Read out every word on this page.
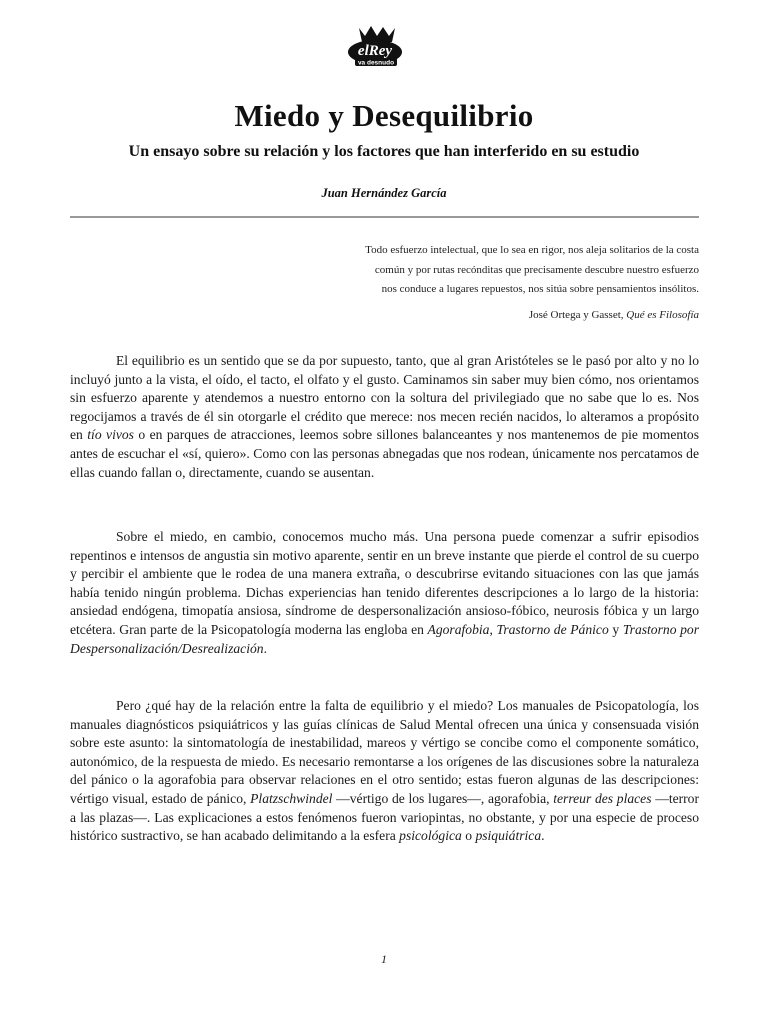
elRey
va desnudo
Miedo y Desequilibrio
Un ensayo sobre su relación y los factores que han interferido en su estudio
Juan Hernández García
Todo esfuerzo intelectual, que lo sea en rigor, nos aleja solitarios de la costa
común y por rutas recónditas que precisamente descubre nuestro esfuerzo
nos conduce a lugares repuestos, nos sitúa sobre pensamientos insólitos.
José Ortega y Gasset, Qué es Filosofía

El equilibrio es un sentido que se da por supuesto, tanto, que al gran Aristóteles se le pasó por alto y no lo incluyó junto a la vista, el oído, el tacto, el olfato y el gusto. Caminamos sin saber muy bien cómo, nos orientamos sin esfuerzo aparente y atendemos a nuestro entorno con la soltura del privilegiado que no sabe que lo es. Nos regocijamos a través de él sin otorgarle el crédito que merece: nos mecen recién nacidos, lo alteramos a propósito en tío vivos o en parques de atracciones, leemos sobre sillones balanceantes y nos mantenemos de pie momentos antes de escuchar el «sí, quiero». Como con las personas abnegadas que nos rodean, únicamente nos percatamos de ellas cuando fallan o, directamente, cuando se ausentan.

Sobre el miedo, en cambio, conocemos mucho más. Una persona puede comenzar a sufrir episodios repentinos e intensos de angustia sin motivo aparente, sentir en un breve instante que pierde el control de su cuerpo y percibir el ambiente que le rodea de una manera extraña, o descubrirse evitando situaciones con las que jamás había tenido ningún problema. Dichas experiencias han tenido diferentes descripciones a lo largo de la historia: ansiedad endógena, timopatía ansiosa, síndrome de despersonalización ansioso-fóbico, neurosis fóbica y un largo etcétera. Gran parte de la Psicopatología moderna las engloba en Agorafobia, Trastorno de Pánico y Trastorno por Despersonalización/Desrealización.

Pero ¿qué hay de la relación entre la falta de equilibrio y el miedo? Los manuales de Psicopatología, los manuales diagnósticos psiquiátricos y las guías clínicas de Salud Mental ofrecen una única y consensuada visión sobre este asunto: la sintomatología de inestabilidad, mareos y vértigo se concibe como el componente somático, autonómico, de la respuesta de miedo. Es necesario remontarse a los orígenes de las discusiones sobre la naturaleza del pánico o la agorafobia para observar relaciones en el otro sentido; estas fueron algunas de las descripciones: vértigo visual, estado de pánico, Platzschwindel —vértigo de los lugares—, agorafobia, terreur des places —terror a las plazas—. Las explicaciones a estos fenómenos fueron variopintas, no obstante, y por una especie de proceso histórico sustractivo, se han acabado delimitando a la esfera psicológica o psiquiátrica.

1
